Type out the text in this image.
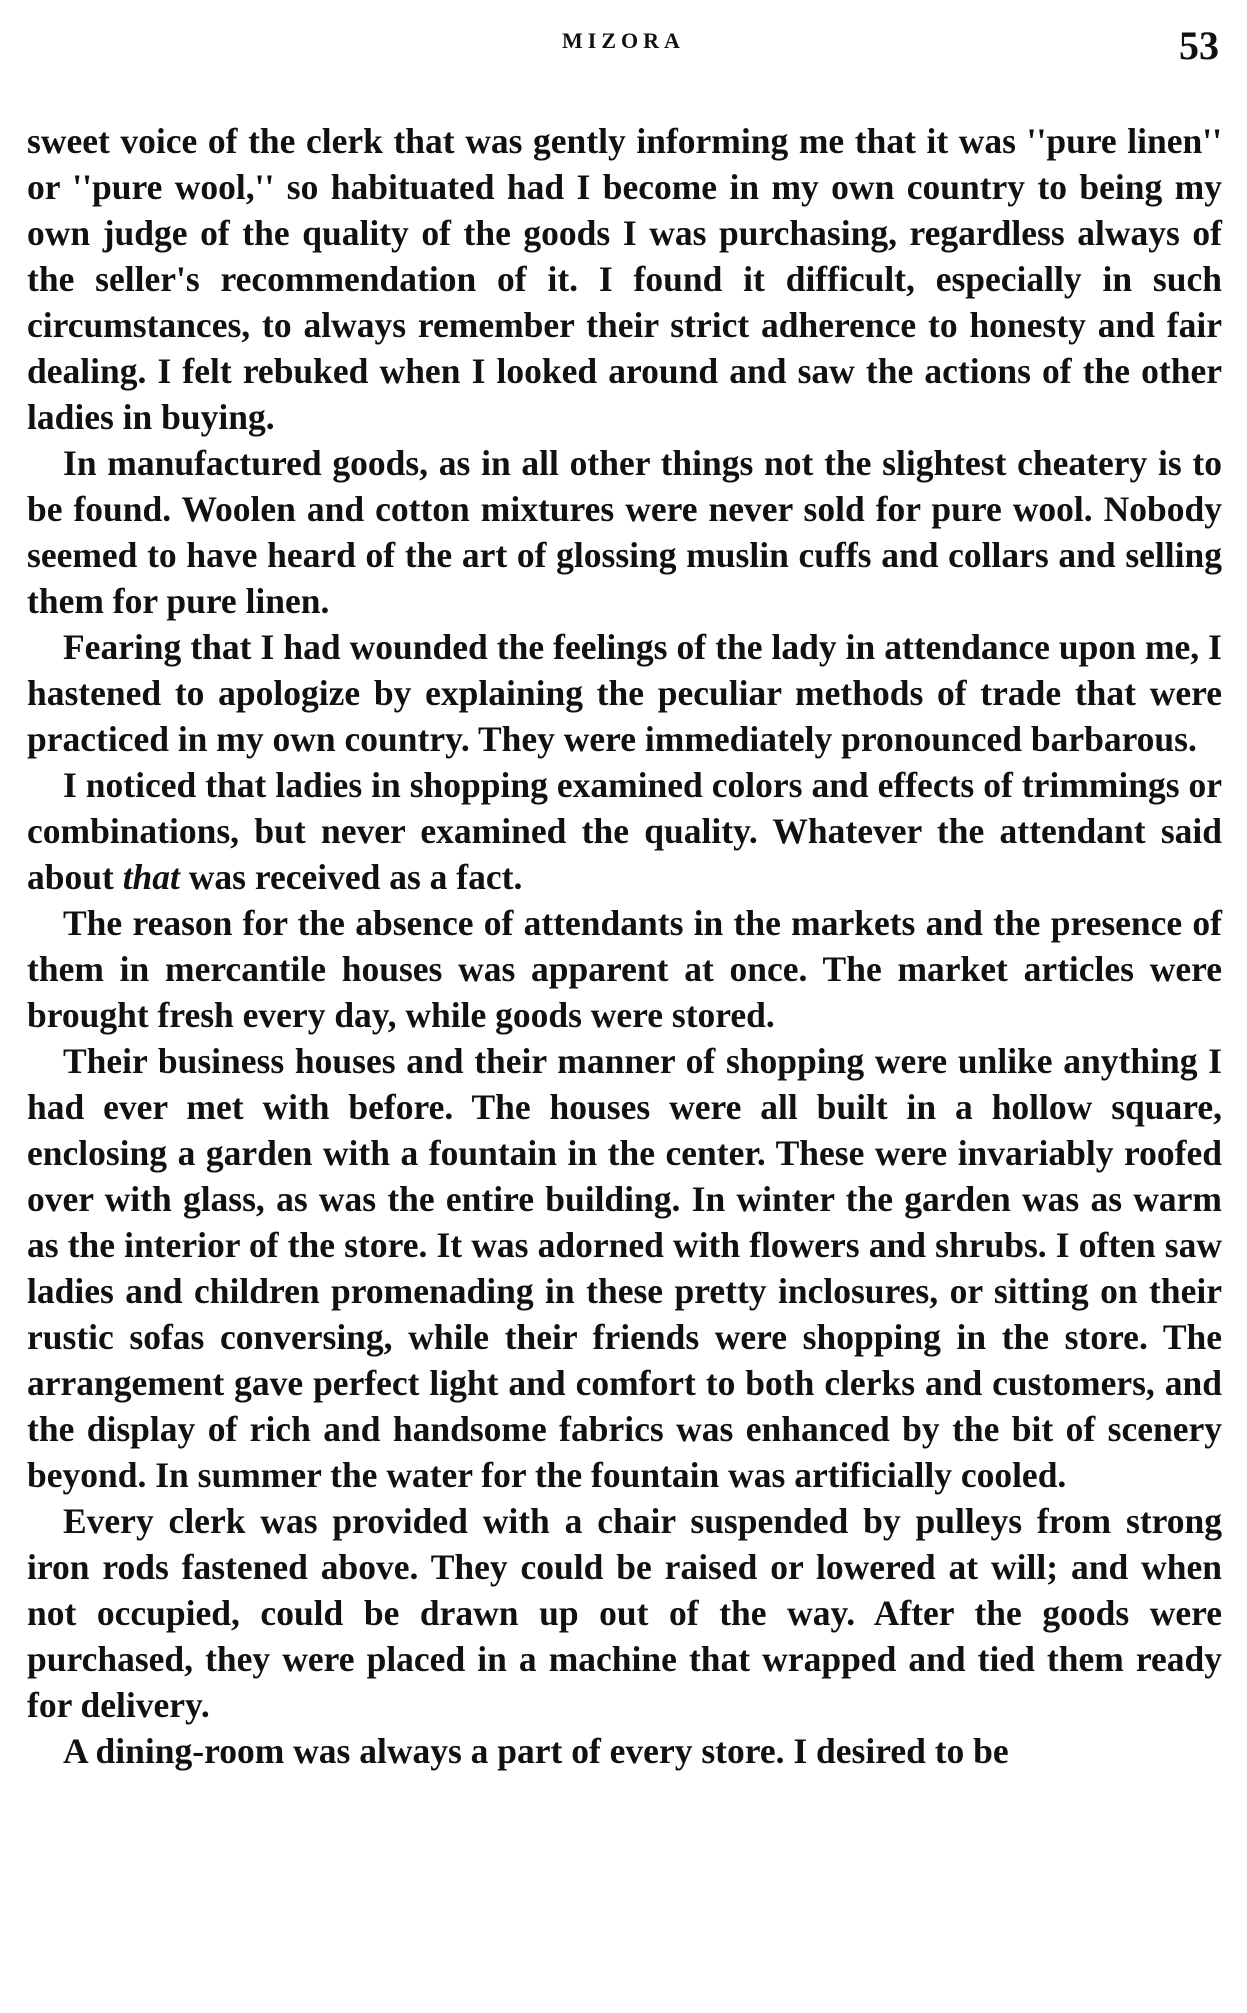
MIZORA	53

sweet voice of the clerk that was gently informing me that it was ''pure linen'' or ''pure wool,'' so habituated had I become in my own country to being my own judge of the quality of the goods I was purchasing, regardless always of the seller's recommendation of it. I found it difficult, especially in such circumstances, to always remember their strict adherence to honesty and fair dealing. I felt rebuked when I looked around and saw the actions of the other ladies in buying.

In manufactured goods, as in all other things not the slightest cheatery is to be found. Woolen and cotton mixtures were never sold for pure wool. Nobody seemed to have heard of the art of glossing muslin cuffs and collars and selling them for pure linen.

Fearing that I had wounded the feelings of the lady in attendance upon me, I hastened to apologize by explaining the peculiar methods of trade that were practiced in my own country. They were immediately pronounced barbarous.

I noticed that ladies in shopping examined colors and effects of trimmings or combinations, but never examined the quality. Whatever the attendant said about that was received as a fact.

The reason for the absence of attendants in the markets and the presence of them in mercantile houses was apparent at once. The market articles were brought fresh every day, while goods were stored.

Their business houses and their manner of shopping were unlike anything I had ever met with before. The houses were all built in a hollow square, enclosing a garden with a fountain in the center. These were invariably roofed over with glass, as was the entire building. In winter the garden was as warm as the interior of the store. It was adorned with flowers and shrubs. I often saw ladies and children promenading in these pretty inclosures, or sitting on their rustic sofas conversing, while their friends were shopping in the store. The arrangement gave perfect light and comfort to both clerks and customers, and the display of rich and handsome fabrics was enhanced by the bit of scenery beyond. In summer the water for the fountain was artificially cooled.

Every clerk was provided with a chair suspended by pulleys from strong iron rods fastened above. They could be raised or lowered at will; and when not occupied, could be drawn up out of the way. After the goods were purchased, they were placed in a machine that wrapped and tied them ready for delivery.

A dining-room was always a part of every store. I desired to be
